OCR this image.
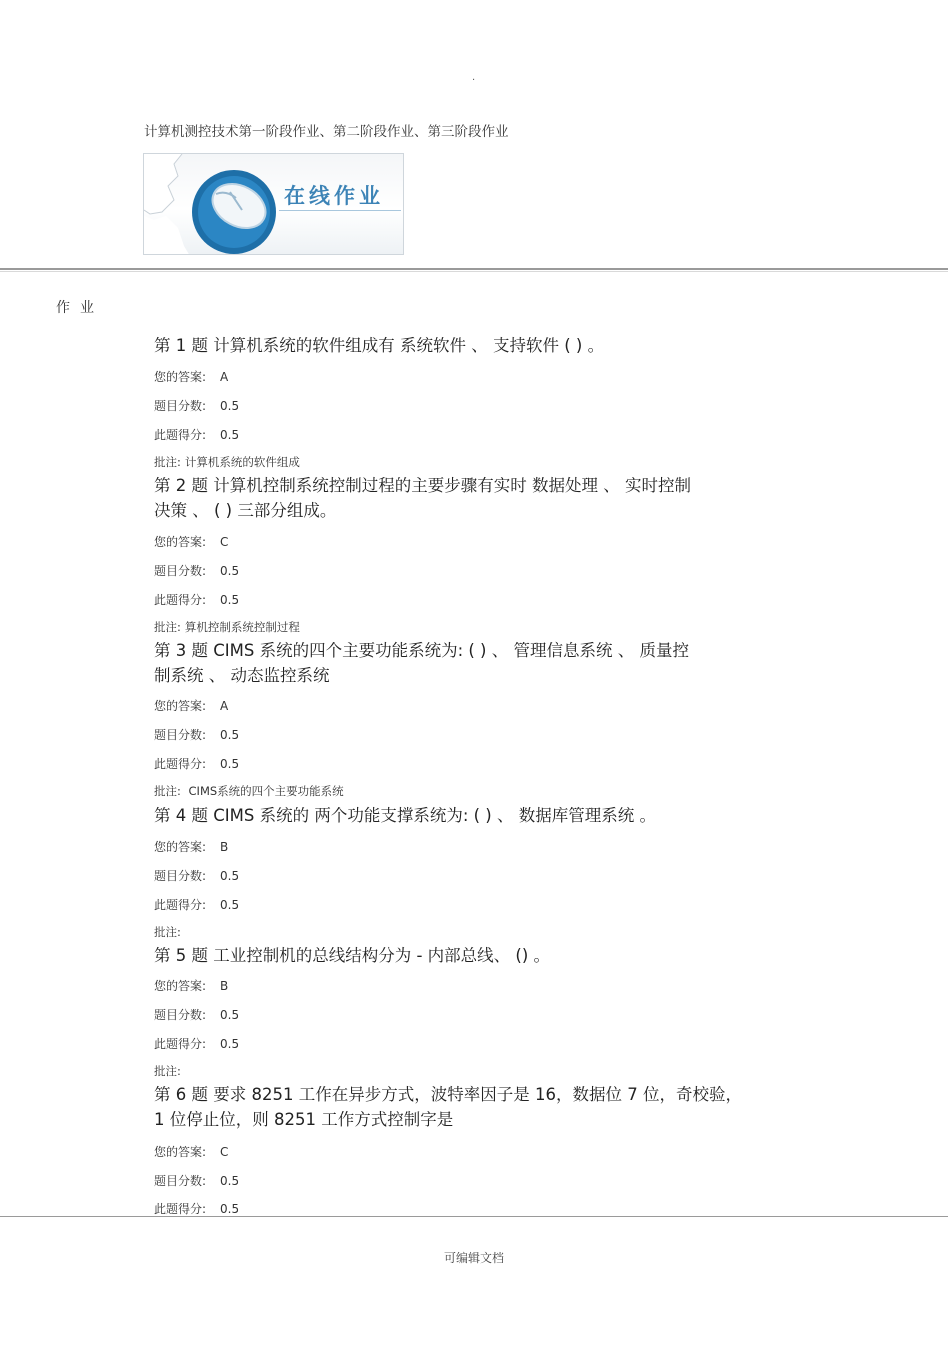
.
计算机测控技术第一阶段作业、第二阶段作业、第三阶段作业
在线作业
作业
第 1 题 计算机系统的软件组成有 系统软件 、 支持软件 ( ) 。
您的答案: A
题目分数: 0.5
此题得分: 0.5
批注: 计算机系统的软件组成
第 2 题 计算机控制系统控制过程的主要步骤有实时 数据处理 、 实时控制
决策 、 ( ) 三部分组成。
您的答案: C
题目分数: 0.5
此题得分: 0.5
批注: 算机控制系统控制过程
第 3 题 CIMS 系统的四个主要功能系统为: ( ) 、 管理信息系统 、 质量控
制系统 、 动态监控系统
您的答案: A
题目分数: 0.5
此题得分: 0.5
批注: CIMS系统的四个主要功能系统
第 4 题 CIMS 系统的 两个功能支撑系统为: ( ) 、 数据库管理系统 。
您的答案: B
题目分数: 0.5
此题得分: 0.5
批注:
第 5 题 工业控制机的总线结构分为 - 内部总线、 () 。
您的答案: B
题目分数: 0.5
此题得分: 0.5
批注:
第 6 题 要求 8251 工作在异步方式，波特率因子是 16，数据位 7 位，奇校验，
1 位停止位，则 8251 工作方式控制字是
您的答案: C
题目分数: 0.5
此题得分: 0.5
可编辑文档
